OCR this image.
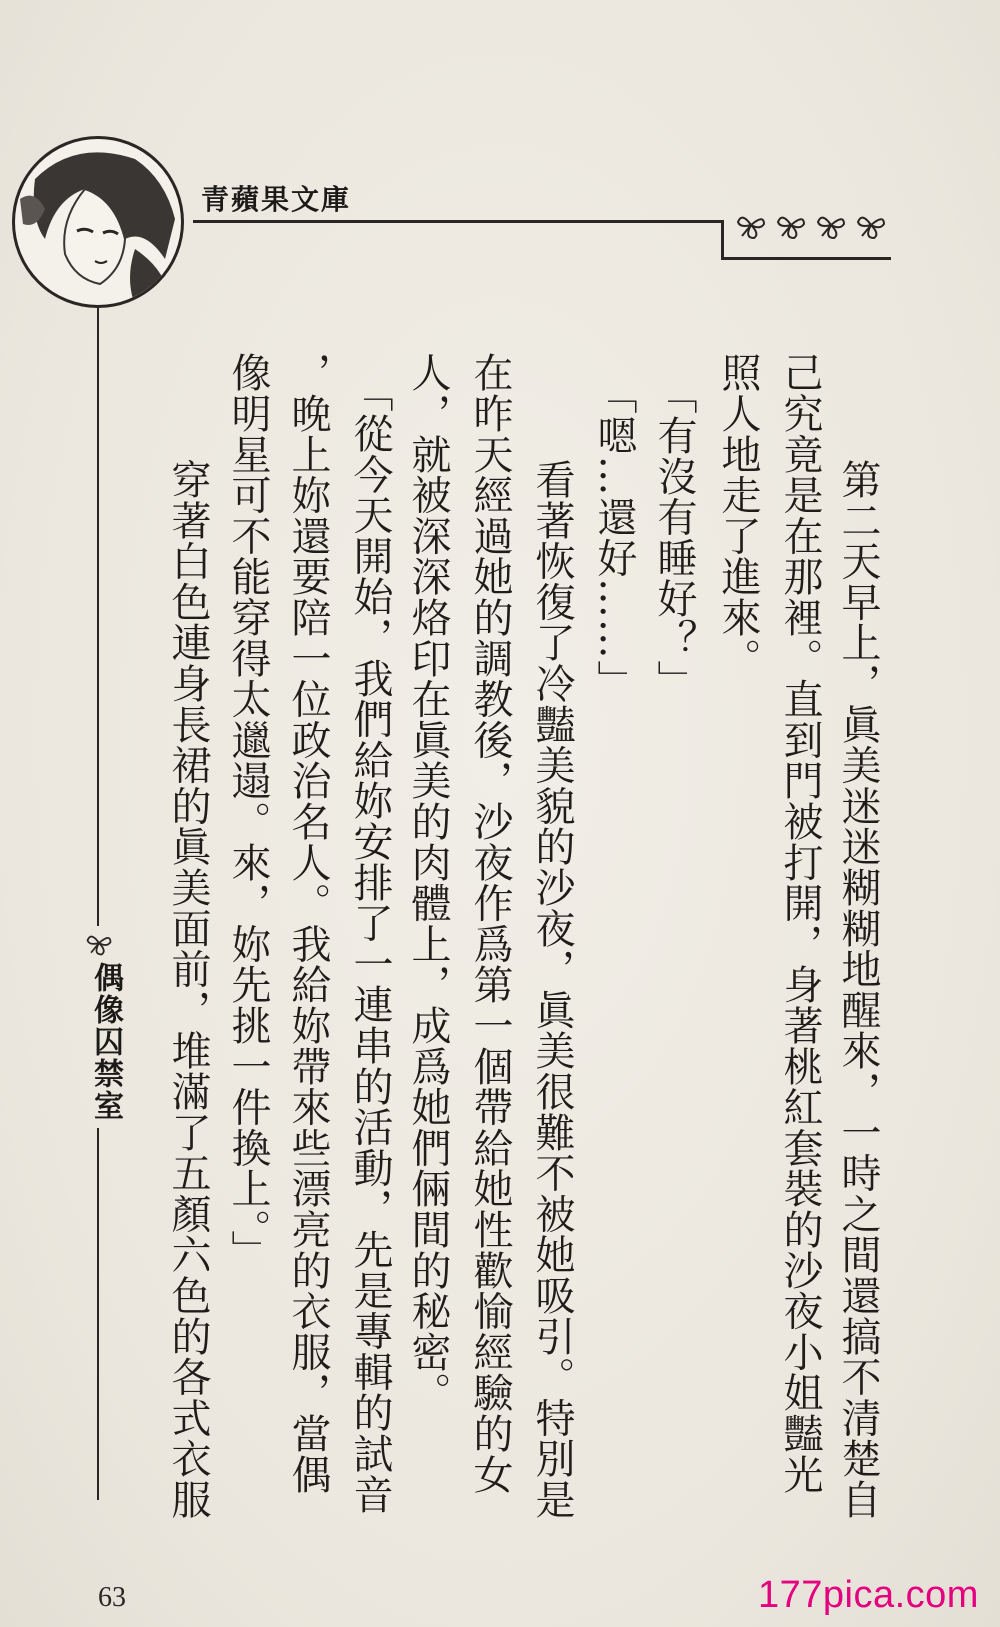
青蘋果文庫
偶像囚禁室	　第二天早上，眞美迷迷糊糊地醒來，一時之間還搞不清楚自
己究竟是在那裡。直到門被打開，身著桃紅套裝的沙夜小姐豔光
照人地走了進來。
「有沒有睡好？」
「嗯…還好……」
　看著恢復了冷豔美貌的沙夜，眞美很難不被她吸引。特別是
在昨天經過她的調教後，沙夜作爲第一個帶給她性歡愉經驗的女
人，就被深深烙印在眞美的肉體上，成爲她們倆間的秘密。
「從今天開始，我們給妳安排了一連串的活動，先是專輯的試音
，晚上妳還要陪一位政治名人。我給妳帶來些漂亮的衣服，當偶
像明星可不能穿得太邋遢。來，妳先挑一件換上。」
　穿著白色連身長裙的眞美面前，堆滿了五顏六色的各式衣服
63	177pica.com
